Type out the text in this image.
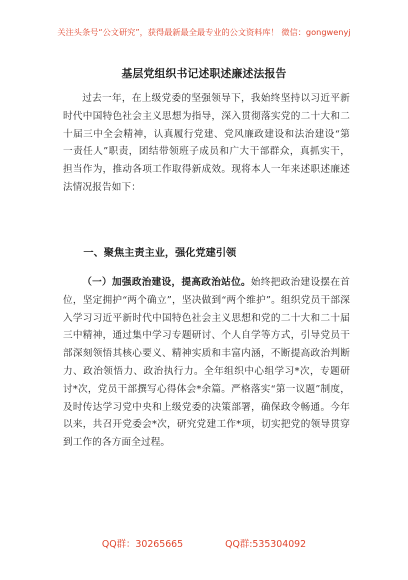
关注头条号“公文研究”，获得最新最全最专业的公文资料库！ 微信：gongwenyj
基层党组织书记述职述廉述法报告

过去一年，在上级党委的坚强领导下，我始终坚持以习近平新时代中国特色社会主义思想为指导，深入贯彻落实党的二十大和二十届三中全会精神，认真履行党建、党风廉政建设和法治建设“第一责任人”职责，团结带领班子成员和广大干部群众，真抓实干，担当作为，推动各项工作取得新成效。现将本人一年来述职述廉述法情况报告如下：

一、聚焦主责主业，强化党建引领

（一）加强政治建设，提高政治站位。始终把政治建设摆在首位，坚定拥护“两个确立”，坚决做到“两个维护”。组织党员干部深入学习习近平新时代中国特色社会主义思想和党的二十大和二十届三中精神，通过集中学习专题研讨、个人自学等方式，引导党员干部深刻领悟其核心要义、精神实质和丰富内涵，不断提高政治判断力、政治领悟力、政治执行力。全年组织中心组学习*次，专题研讨*次，党员干部撰写心得体会*余篇。严格落实“第一议题”制度，及时传达学习党中央和上级党委的决策部署，确保政令畅通。今年以来，共召开党委会*次，研究党建工作*项，切实把党的领导贯穿到工作的各方面全过程。

QQ群：30265665	QQ群:535304092
